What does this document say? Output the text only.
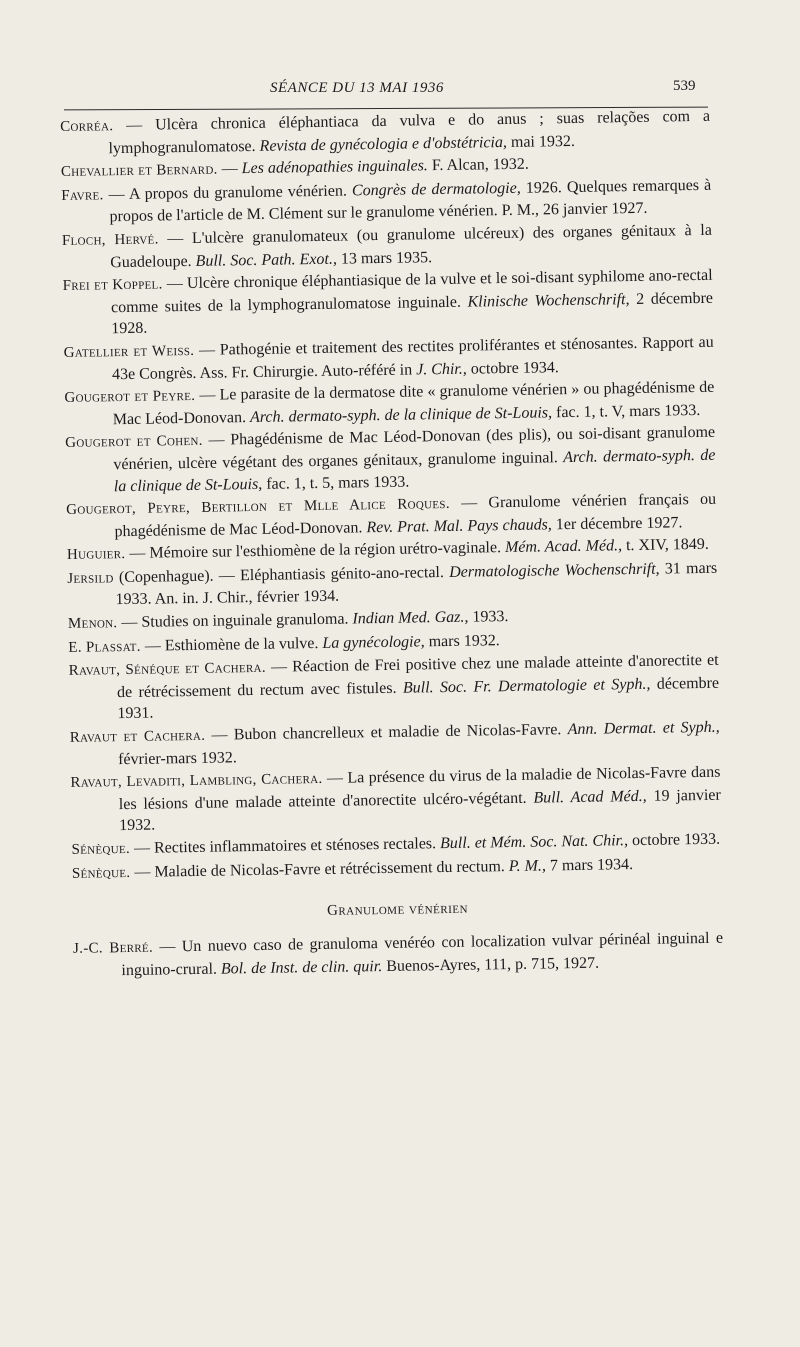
SÉANCE DU 13 MAI 1936	539
Corréa. — Ulcèra chronica éléphantiaca da vulva e do anus ; suas relações com a lymphogranulomatose. Revista de gynécologia e d'obstétricia, mai 1932.
Chevallier et Bernard. — Les adénopathies inguinales. F. Alcan, 1932.
Favre. — A propos du granulome vénérien. Congrès de dermatologie, 1926. Quelques remarques à propos de l'article de M. Clément sur le granulome vénérien. P. M., 26 janvier 1927.
Floch, Hervé. — L'ulcère granulomateux (ou granulome ulcéreux) des organes génitaux à la Guadeloupe. Bull. Soc. Path. Exot., 13 mars 1935.
Frei et Koppel. — Ulcère chronique éléphantiasique de la vulve et le soi-disant syphilome ano-rectal comme suites de la lymphogranulomatose inguinale. Klinische Wochenschrift, 2 décembre 1928.
Gatellier et Weiss. — Pathogénie et traitement des rectites proliférantes et sténosantes. Rapport au 43e Congrès. Ass. Fr. Chirurgie. Auto-référé in J. Chir., octobre 1934.
Gougerot et Peyre. — Le parasite de la dermatose dite « granulome vénérien » ou phagédénisme de Mac Léod-Donovan. Arch. dermato-syph. de la clinique de St-Louis, fac. 1, t. V, mars 1933.
Gougerot et Cohen. — Phagédénisme de Mac Léod-Donovan (des plis), ou soi-disant granulome vénérien, ulcère végétant des organes génitaux, granulome inguinal. Arch. dermato-syph. de la clinique de St-Louis, fac. 1, t. 5, mars 1933.
Gougerot, Peyre, Bertillon et Mlle Alice Roques. — Granulome vénérien français ou phagédénisme de Mac Léod-Donovan. Rev. Prat. Mal. Pays chauds, 1er décembre 1927.
Huguier. — Mémoire sur l'esthiomène de la région urétro-vaginale. Mém. Acad. Méd., t. XIV, 1849.
Jersild (Copenhague). — Eléphantiasis génito-ano-rectal. Dermatologische Wochenschrift, 31 mars 1933. An. in. J. Chir., février 1934.
Menon. — Studies on inguinale granuloma. Indian Med. Gaz., 1933.
E. Plassat. — Esthiomène de la vulve. La gynécologie, mars 1932.
Ravaut, Sénéque et Cachera. — Réaction de Frei positive chez une malade atteinte d'anorectite et de rétrécissement du rectum avec fistules. Bull. Soc. Fr. Dermatologie et Syph., décembre 1931.
Ravaut et Cachera. — Bubon chancrelleux et maladie de Nicolas-Favre. Ann. Dermat. et Syph., février-mars 1932.
Ravaut, Levaditi, Lambling, Cachera. — La présence du virus de la maladie de Nicolas-Favre dans les lésions d'une malade atteinte d'anorectite ulcéro-végétant. Bull. Acad Méd., 19 janvier 1932.
Sénèque. — Rectites inflammatoires et sténoses rectales. Bull. et Mém. Soc. Nat. Chir., octobre 1933.
Sénèque. — Maladie de Nicolas-Favre et rétrécissement du rectum. P. M., 7 mars 1934.
Granulome vénérien
J.-C. Berré. — Un nuevo caso de granuloma venéréo con localization vulvar périnéal inguinal e inguino-crural. Bol. de Inst. de clin. quir. Buenos-Ayres, 111, p. 715, 1927.
